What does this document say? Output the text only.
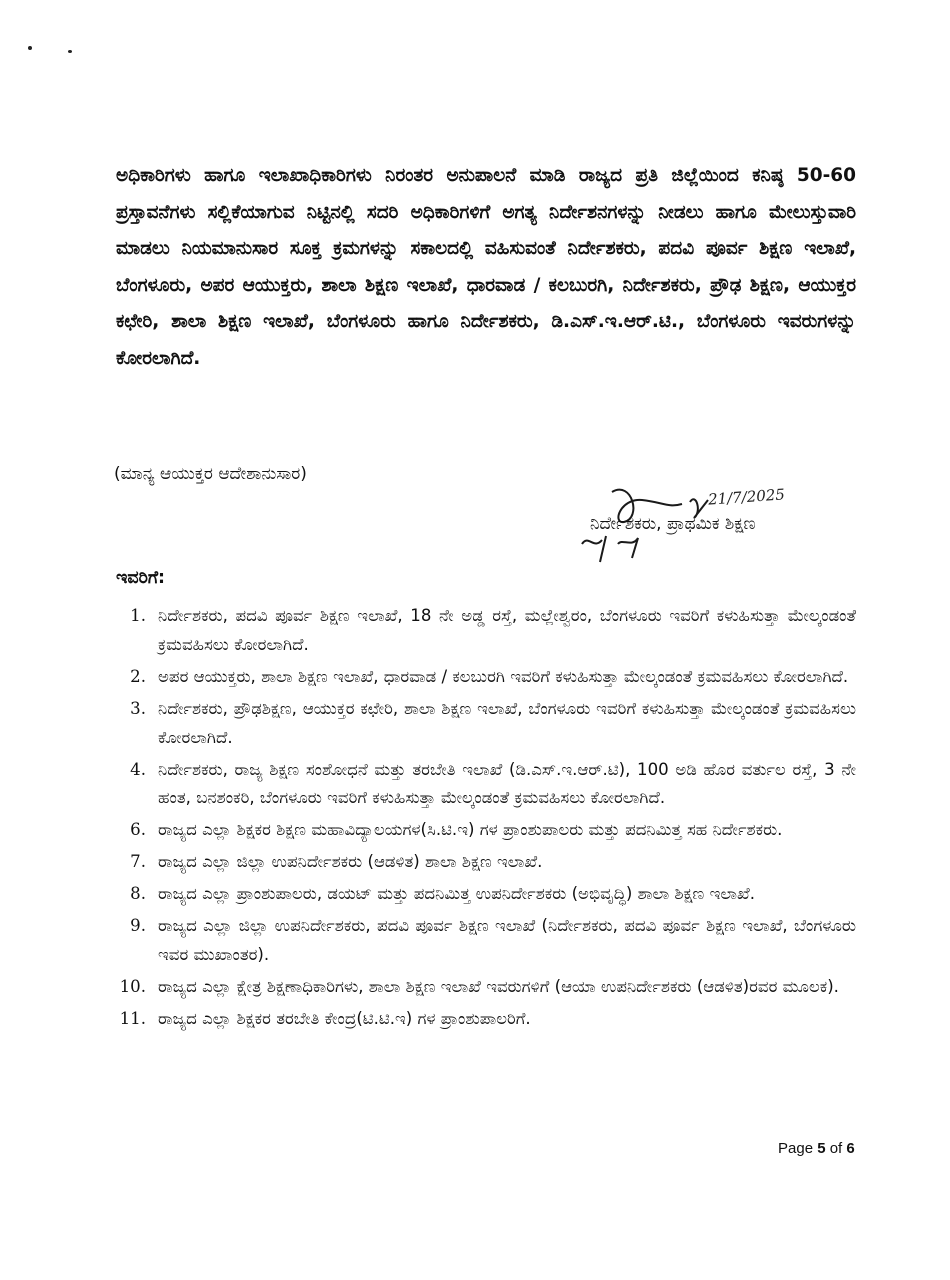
ಅಧಿಕಾರಿಗಳು ಹಾಗೂ ಇಲಾಖಾಧಿಕಾರಿಗಳು ನಿರಂತರ ಅನುಪಾಲನೆ ಮಾಡಿ ರಾಜ್ಯದ ಪ್ರತಿ ಜಿಲ್ಲೆಯಿಂದ ಕನಿಷ್ಠ 50-60 ಪ್ರಸ್ತಾವನೆಗಳು ಸಲ್ಲಿಕೆಯಾಗುವ ನಿಟ್ಟಿನಲ್ಲಿ ಸದರಿ ಅಧಿಕಾರಿಗಳಿಗೆ ಅಗತ್ಯ ನಿರ್ದೇಶನಗಳನ್ನು ನೀಡಲು ಹಾಗೂ ಮೇಲುಸ್ತುವಾರಿ ಮಾಡಲು ನಿಯಮಾನುಸಾರ ಸೂಕ್ತ ಕ್ರಮಗಳನ್ನು ಸಕಾಲದಲ್ಲಿ ವಹಿಸುವಂತೆ ನಿರ್ದೇಶಕರು, ಪದವಿ ಪೂರ್ವ ಶಿಕ್ಷಣ ಇಲಾಖೆ, ಬೆಂಗಳೂರು, ಅಪರ ಆಯುಕ್ತರು, ಶಾಲಾ ಶಿಕ್ಷಣ ಇಲಾಖೆ, ಧಾರವಾಡ / ಕಲಬುರಗಿ, ನಿರ್ದೇಶಕರು, ಪ್ರೌಢ ಶಿಕ್ಷಣ, ಆಯುಕ್ತರ ಕಛೇರಿ, ಶಾಲಾ ಶಿಕ್ಷಣ ಇಲಾಖೆ, ಬೆಂಗಳೂರು ಹಾಗೂ ನಿರ್ದೇಶಕರು, ಡಿ.ಎಸ್.ಇ.ಆರ್.ಟಿ., ಬೆಂಗಳೂರು ಇವರುಗಳನ್ನು ಕೋರಲಾಗಿದೆ.

(ಮಾನ್ಯ ಆಯುಕ್ತರ ಆದೇಶಾನುಸಾರ)
21/7/2025
ನಿರ್ದೇಶಕರು, ಪ್ರಾಥಮಿಕ ಶಿಕ್ಷಣ
ಇವರಿಗೆ:
1. ನಿರ್ದೇಶಕರು, ಪದವಿ ಪೂರ್ವ ಶಿಕ್ಷಣ ಇಲಾಖೆ, 18 ನೇ ಅಡ್ಡ ರಸ್ತೆ, ಮಲ್ಲೇಶ್ವರಂ, ಬೆಂಗಳೂರು ಇವರಿಗೆ ಕಳುಹಿಸುತ್ತಾ ಮೇಲ್ಕಂಡಂತೆ ಕ್ರಮವಹಿಸಲು ಕೋರಲಾಗಿದೆ.
2. ಅಪರ ಆಯುಕ್ತರು, ಶಾಲಾ ಶಿಕ್ಷಣ ಇಲಾಖೆ, ಧಾರವಾಡ / ಕಲಬುರಗಿ ಇವರಿಗೆ ಕಳುಹಿಸುತ್ತಾ ಮೇಲ್ಕಂಡಂತೆ ಕ್ರಮವಹಿಸಲು ಕೋರಲಾಗಿದೆ.
3. ನಿರ್ದೇಶಕರು, ಪ್ರೌಢಶಿಕ್ಷಣ, ಆಯುಕ್ತರ ಕಛೇರಿ, ಶಾಲಾ ಶಿಕ್ಷಣ ಇಲಾಖೆ, ಬೆಂಗಳೂರು ಇವರಿಗೆ ಕಳುಹಿಸುತ್ತಾ ಮೇಲ್ಕಂಡಂತೆ ಕ್ರಮವಹಿಸಲು ಕೋರಲಾಗಿದೆ.
4. ನಿರ್ದೇಶಕರು, ರಾಜ್ಯ ಶಿಕ್ಷಣ ಸಂಶೋಧನೆ ಮತ್ತು ತರಬೇತಿ ಇಲಾಖೆ (ಡಿ.ಎಸ್.ಇ.ಆರ್.ಟಿ), 100 ಅಡಿ ಹೊರ ವರ್ತುಲ ರಸ್ತೆ, 3 ನೇ ಹಂತ, ಬನಶಂಕರಿ, ಬೆಂಗಳೂರು ಇವರಿಗೆ ಕಳುಹಿಸುತ್ತಾ ಮೇಲ್ಕಂಡಂತೆ ಕ್ರಮವಹಿಸಲು ಕೋರಲಾಗಿದೆ.
6. ರಾಜ್ಯದ ಎಲ್ಲಾ ಶಿಕ್ಷಕರ ಶಿಕ್ಷಣ ಮಹಾವಿದ್ಯಾಲಯಗಳ(ಸಿ.ಟಿ.ಇ) ಗಳ ಪ್ರಾಂಶುಪಾಲರು ಮತ್ತು ಪದನಿಮಿತ್ತ ಸಹ ನಿರ್ದೇಶಕರು.
7. ರಾಜ್ಯದ ಎಲ್ಲಾ ಜಿಲ್ಲಾ ಉಪನಿರ್ದೇಶಕರು (ಆಡಳಿತ) ಶಾಲಾ ಶಿಕ್ಷಣ ಇಲಾಖೆ.
8. ರಾಜ್ಯದ ಎಲ್ಲಾ ಪ್ರಾಂಶುಪಾಲರು, ಡಯಟ್ ಮತ್ತು ಪದನಿಮಿತ್ತ ಉಪನಿರ್ದೇಶಕರು (ಅಭಿವೃದ್ಧಿ) ಶಾಲಾ ಶಿಕ್ಷಣ ಇಲಾಖೆ.
9. ರಾಜ್ಯದ ಎಲ್ಲಾ ಜಿಲ್ಲಾ ಉಪನಿರ್ದೇಶಕರು, ಪದವಿ ಪೂರ್ವ ಶಿಕ್ಷಣ ಇಲಾಖೆ (ನಿರ್ದೇಶಕರು, ಪದವಿ ಪೂರ್ವ ಶಿಕ್ಷಣ ಇಲಾಖೆ, ಬೆಂಗಳೂರು ಇವರ ಮುಖಾಂತರ).
10. ರಾಜ್ಯದ ಎಲ್ಲಾ ಕ್ಷೇತ್ರ ಶಿಕ್ಷಣಾಧಿಕಾರಿಗಳು, ಶಾಲಾ ಶಿಕ್ಷಣ ಇಲಾಖೆ ಇವರುಗಳಿಗೆ (ಆಯಾ ಉಪನಿರ್ದೇಶಕರು (ಆಡಳಿತ)ರವರ ಮೂಲಕ).
11. ರಾಜ್ಯದ ಎಲ್ಲಾ ಶಿಕ್ಷಕರ ತರಬೇತಿ ಕೇಂದ್ರ(ಟಿ.ಟಿ.ಇ) ಗಳ ಪ್ರಾಂಶುಪಾಲರಿಗೆ.
Page 5 of 6
